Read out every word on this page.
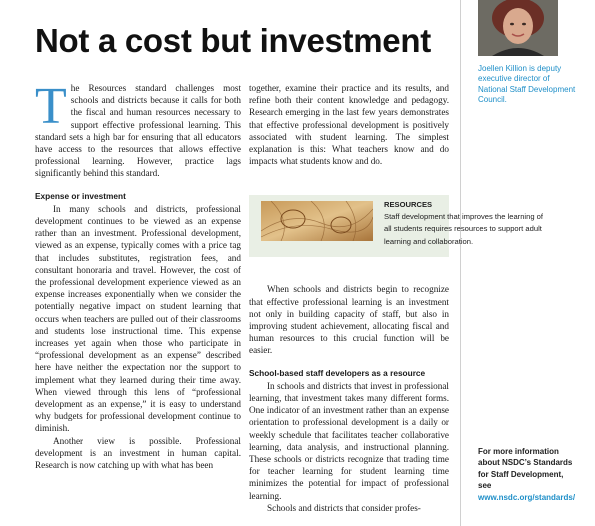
Not a cost but investment
Joellen Killion is deputy executive director of National Staff Development Council.
T he Resources standard challenges most schools and districts because it calls for both the fiscal and human resources necessary to support effective professional learning. This standard sets a high bar for ensuring that all educators have access to the resources that allows effective professional learning. However, practice lags significantly behind this standard.

Expense or investment

In many schools and districts, professional development continues to be viewed as an expense rather than an investment. Professional development, viewed as an expense, typically comes with a price tag that includes substitutes, registration fees, and consultant honoraria and travel. However, the cost of the professional development experience viewed as an expense increases exponentially when we consider the potentially negative impact on student learning that occurs when teachers are pulled out of their classrooms and students lose instructional time. This expense increases yet again when those who participate in “professional development as an expense” described here have neither the expectation nor the support to implement what they learned during their time away. When viewed through this lens of “professional development as an expense,” it is easy to understand why budgets for professional development continue to diminish.

Another view is possible. Professional development is an investment in human capital. Research is now catching up with what has been

together, examine their practice and its results, and refine both their content knowledge and pedagogy. Research emerging in the last few years demonstrates that effective professional development is positively associated with student learning. The simplest explanation is this: What teachers know and do impacts what students know and do.

When schools and districts begin to recognize that effective professional learning is an investment not only in building capacity of staff, but also in improving student achievement, allocating fiscal and human resources to this crucial function will be easier.

School-based staff developers as a resource

In schools and districts that invest in professional learning, that investment takes many different forms. One indicator of an investment rather than an expense orientation to professional development is a daily or weekly schedule that facilitates teacher collaborative learning, data analysis, and instructional planning. These schools or districts recognize that trading time for teacher learning for student learning time minimizes the potential for impact of professional learning.

Schools and districts that consider profes-

RESOURCES
Staff development that improves the learning of all students requires resources to support adult learning and collaboration.
For more information about NSDC’s Standards for Staff Development, see
www.nsdc.org/standards/
